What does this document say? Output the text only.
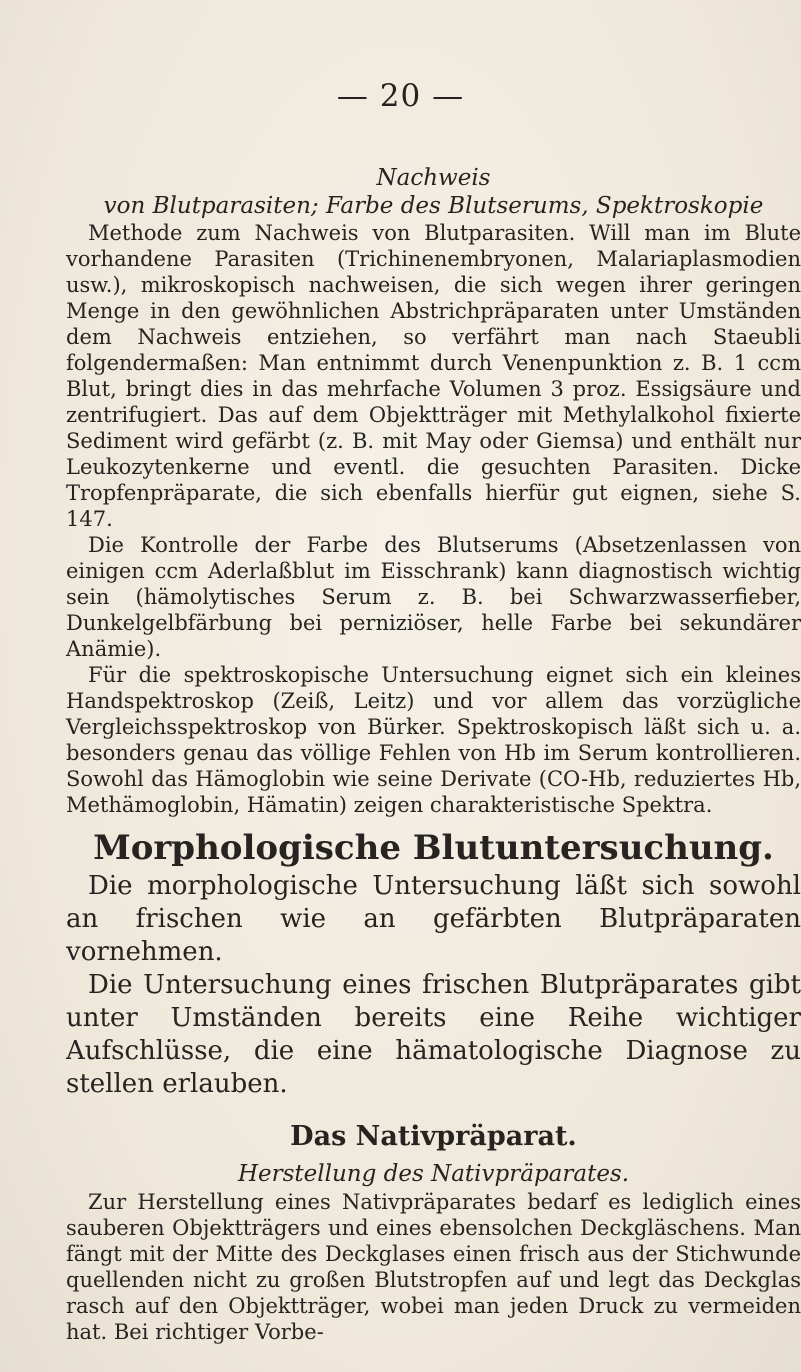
— 20 —
Nachweis
von Blutparasiten; Farbe des Blutserums, Spektroskopie

Methode zum Nachweis von Blutparasiten. Will man im Blute vorhandene Parasiten (Trichinenembryonen, Malariaplasmodien usw.), mikroskopisch nachweisen, die sich wegen ihrer geringen Menge in den gewöhnlichen Abstrichpräparaten unter Umständen dem Nachweis entziehen, so verfährt man nach Staeubli folgendermaßen: Man entnimmt durch Venenpunktion z. B. 1 ccm Blut, bringt dies in das mehrfache Volumen 3 proz. Essigsäure und zentrifugiert. Das auf dem Objektträger mit Methylalkohol fixierte Sediment wird gefärbt (z. B. mit May oder Giemsa) und enthält nur Leukozytenkerne und eventl. die gesuchten Parasiten. Dicke Tropfenpräparate, die sich ebenfalls hierfür gut eignen, siehe S. 147.

Die Kontrolle der Farbe des Blutserums (Absetzenlassen von einigen ccm Aderlaßblut im Eisschrank) kann diagnostisch wichtig sein (hämolytisches Serum z. B. bei Schwarzwasserfieber, Dunkelgelbfärbung bei perniziöser, helle Farbe bei sekundärer Anämie).

Für die spektroskopische Untersuchung eignet sich ein kleines Handspektroskop (Zeiß, Leitz) und vor allem das vorzügliche Vergleichsspektroskop von Bürker. Spektroskopisch läßt sich u. a. besonders genau das völlige Fehlen von Hb im Serum kontrollieren. Sowohl das Hämoglobin wie seine Derivate (CO-Hb, reduziertes Hb, Methämoglobin, Hämatin) zeigen charakteristische Spektra.

Morphologische Blutuntersuchung.

Die morphologische Untersuchung läßt sich sowohl an frischen wie an gefärbten Blutpräparaten vornehmen.

Die Untersuchung eines frischen Blutpräparates gibt unter Umständen bereits eine Reihe wichtiger Aufschlüsse, die eine hämatologische Diagnose zu stellen erlauben.

Das Nativpräparat.
Herstellung des Nativpräparates.

Zur Herstellung eines Nativpräparates bedarf es lediglich eines sauberen Objektträgers und eines ebensolchen Deckgläschens. Man fängt mit der Mitte des Deckglases einen frisch aus der Stichwunde quellenden nicht zu großen Blutstropfen auf und legt das Deckglas rasch auf den Objektträger, wobei man jeden Druck zu vermeiden hat. Bei richtiger Vorbe-
